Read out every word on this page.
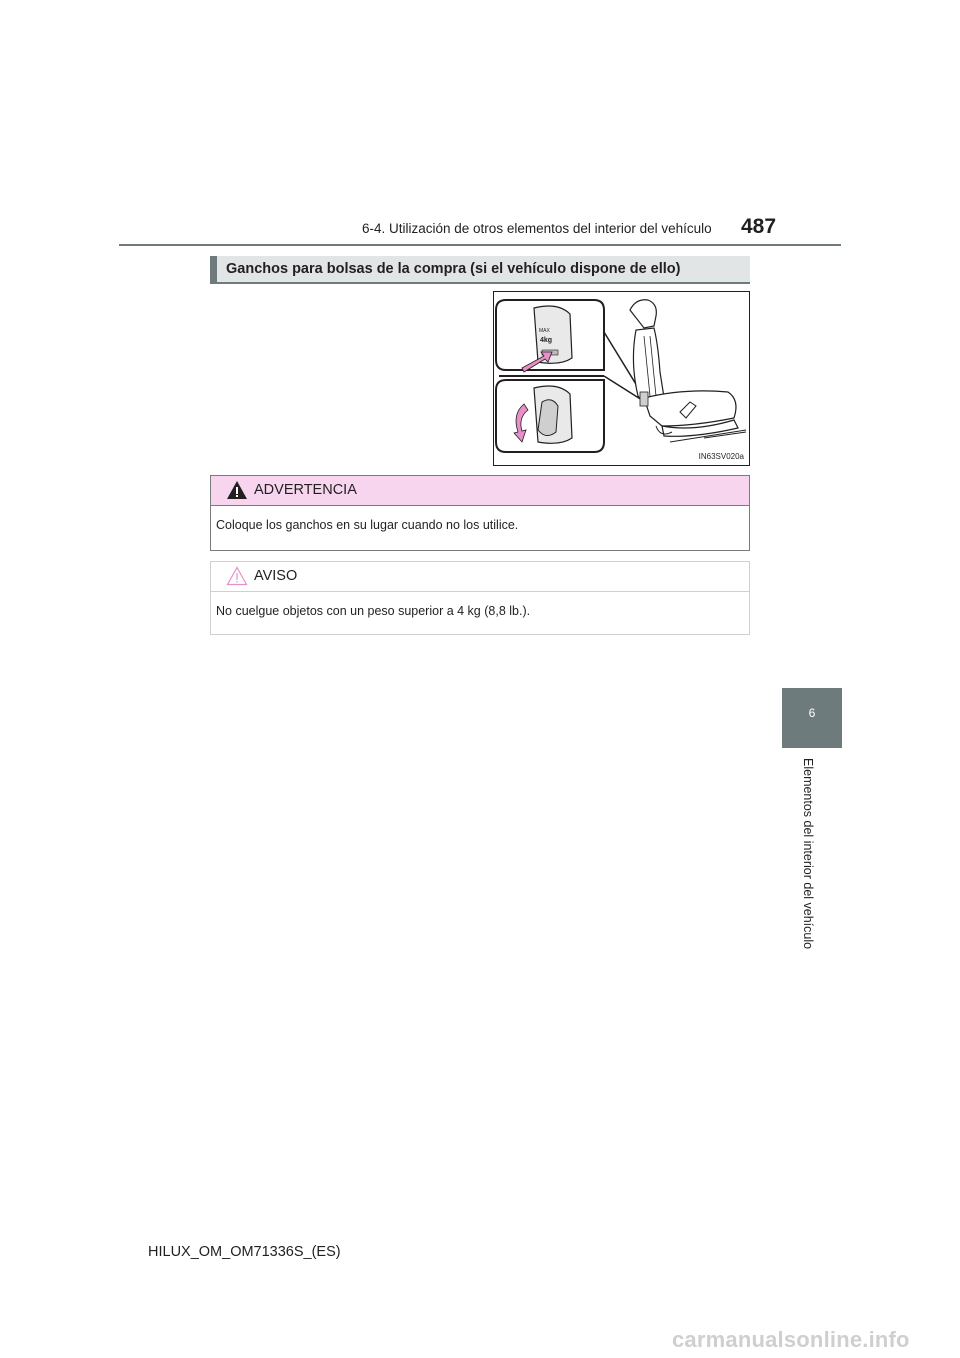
6-4. Utilización de otros elementos del interior del vehículo 487
6
Elementos del interior del vehículo
Ganchos para bolsas de la compra (si el vehículo dispone de ello)
MAX
4kg
IN63SV020a
ADVERTENCIA
Coloque los ganchos en su lugar cuando no los utilice.
AVISO
No cuelgue objetos con un peso superior a 4 kg (8,8 lb.).
HILUX_OM_OM71336S_(ES)
carmanualsonline.info
